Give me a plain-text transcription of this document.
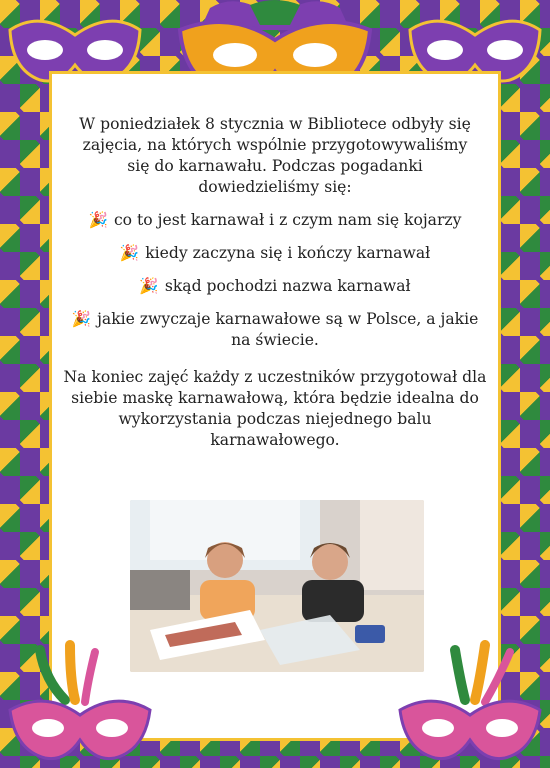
W poniedziałek 8 stycznia w Bibliotece odbyły się zajęcia, na których wspólnie przygotowywaliśmy się do karnawału. Podczas pogadanki dowiedzieliśmy się:
🎉 co to jest karnawał i z czym nam się kojarzy
🎉 kiedy zaczyna się i kończy karnawał
🎉 skąd pochodzi nazwa karnawał
🎉 jakie zwyczaje karnawałowe są w Polsce, a jakie na świecie.
Na koniec zajęć każdy z uczestników przygotował dla siebie maskę karnawałową, która będzie idealna do wykorzystania podczas niejednego balu karnawałowego.
